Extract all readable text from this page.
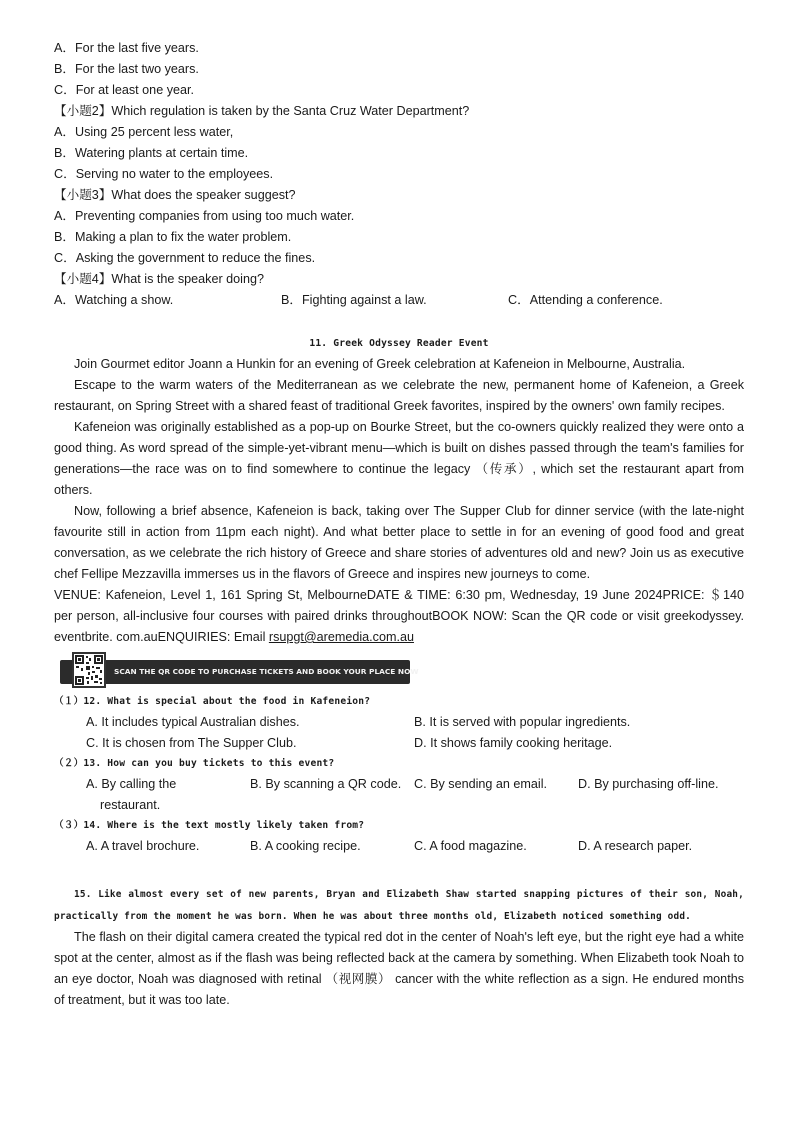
A．For the last five years.
B．For the last two years.
C．For at least one year.
【小题2】Which regulation is taken by the Santa Cruz Water Department?
A．Using 25 percent less water,
B．Watering plants at certain time.
C．Serving no water to the employees.
【小题3】What does the speaker suggest?
A．Preventing companies from using too much water.
B．Making a plan to fix the water problem.
C．Asking the government to reduce the fines.
【小题4】What is the speaker doing?
A．Watching a show.	B．Fighting against a law.	C．Attending a conference.
11. Greek Odyssey Reader Event

Join Gourmet editor Joann a Hunkin for an evening of Greek celebration at Kafeneion in Melbourne, Australia.

Escape to the warm waters of the Mediterranean as we celebrate the new, permanent home of Kafeneion, a Greek restaurant, on Spring Street with a shared feast of traditional Greek favorites, inspired by the owners' own family recipes.

Kafeneion was originally established as a pop-up on Bourke Street, but the co-owners quickly realized they were onto a good thing. As word spread of the simple-yet-vibrant menu—which is built on dishes passed through the team's families for generations—the race was on to find somewhere to continue the legacy （传承）, which set the restaurant apart from others.

Now, following a brief absence, Kafeneion is back, taking over The Supper Club for dinner service (with the late-night favourite still in action from 11pm each night). And what better place to settle in for an evening of good food and great conversation, as we celebrate the rich history of Greece and share stories of adventures old and new? Join us as executive chef Fellipe Mezzavilla immerses us in the flavors of Greece and inspires new journeys to come.

VENUE: Kafeneion, Level 1, 161 Spring St, MelbourneDATE & TIME: 6:30 pm, Wednesday, 19 June 2024PRICE: ＄140 per person, all-inclusive four courses with paired drinks throughoutBOOK NOW: Scan the QR code or visit greekodyssey. eventbrite. com.auENQUIRIES: Email rsupgt@aremedia.com.au

SCAN THE QR CODE TO PURCHASE TICKETS AND BOOK YOUR PLACE NOW
（１）12. What is special about the food in Kafeneion?
A. It includes typical Australian dishes.	B. It is served with popular ingredients.
C. It is chosen from The Supper Club.	D. It shows family cooking heritage.
（２）13. How can you buy tickets to this event?
A. By calling the restaurant.
B. By scanning a QR code.	C. By sending an email.	D. By purchasing off-line.
（３）14. Where is the text mostly likely taken from?
A. A travel brochure.	B. A cooking recipe.	C. A food magazine.	D. A research paper.

15. Like almost every set of new parents, Bryan and Elizabeth Shaw started snapping pictures of their son, Noah, practically from the moment he was born. When he was about three months old, Elizabeth noticed something odd.

The flash on their digital camera created the typical red dot in the center of Noah's left eye, but the right eye had a white spot at the center, almost as if the flash was being reflected back at the camera by something. When Elizabeth took Noah to an eye doctor, Noah was diagnosed with retinal （视网膜） cancer with the white reflection as a sign. He endured months of treatment, but it was too late.
